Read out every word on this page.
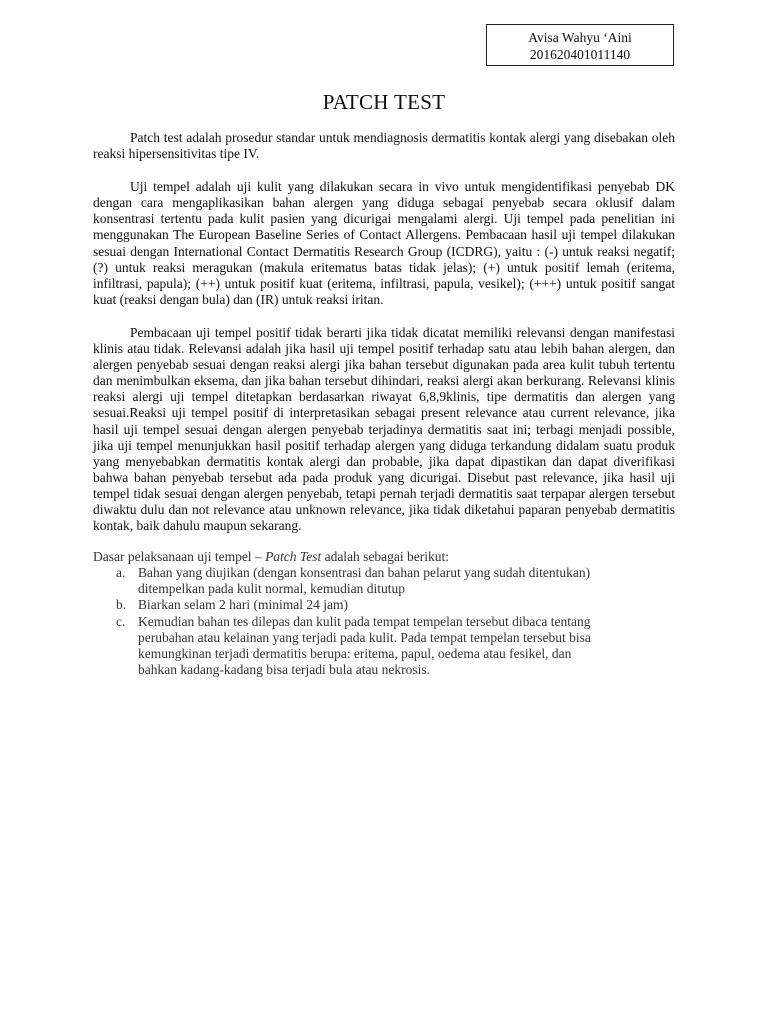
Avisa Wahyu ‘Aini
201620401011140
PATCH TEST

Patch test adalah prosedur standar untuk mendiagnosis dermatitis kontak alergi yang disebakan oleh reaksi hipersensitivitas tipe IV.

Uji tempel adalah uji kulit yang dilakukan secara in vivo untuk mengidentifikasi penyebab DK dengan cara mengaplikasikan bahan alergen yang diduga sebagai penyebab secara oklusif dalam konsentrasi tertentu pada kulit pasien yang dicurigai mengalami alergi. Uji tempel pada penelitian ini menggunakan The European Baseline Series of Contact Allergens. Pembacaan hasil uji tempel dilakukan sesuai dengan International Contact Dermatitis Research Group (ICDRG), yaitu : (-) untuk reaksi negatif; (?) untuk reaksi meragukan (makula eritematus batas tidak jelas); (+) untuk positif lemah (eritema, infiltrasi, papula); (++) untuk positif kuat (eritema, infiltrasi, papula, vesikel); (+++) untuk positif sangat kuat (reaksi dengan bula) dan (IR) untuk reaksi iritan.

Pembacaan uji tempel positif tidak berarti jika tidak dicatat memiliki relevansi dengan manifestasi klinis atau tidak. Relevansi adalah jika hasil uji tempel positif terhadap satu atau lebih bahan alergen, dan alergen penyebab sesuai dengan reaksi alergi jika bahan tersebut digunakan pada area kulit tubuh tertentu dan menimbulkan eksema, dan jika bahan tersebut dihindari, reaksi alergi akan berkurang. Relevansi klinis reaksi alergi uji tempel ditetapkan berdasarkan riwayat 6,8,9klinis, tipe dermatitis dan alergen yang sesuai.Reaksi uji tempel positif di interpretasikan sebagai present relevance atau current relevance, jika hasil uji tempel sesuai dengan alergen penyebab terjadinya dermatitis saat ini; terbagi menjadi possible, jika uji tempel menunjukkan hasil positif terhadap alergen yang diduga terkandung didalam suatu produk yang menyebabkan dermatitis kontak alergi dan probable, jika dapat dipastikan dan dapat diverifikasi bahwa bahan penyebab tersebut ada pada produk yang dicurigai. Disebut past relevance, jika hasil uji tempel tidak sesuai dengan alergen penyebab, tetapi pernah terjadi dermatitis saat terpapar alergen tersebut diwaktu dulu dan not relevance atau unknown relevance, jika tidak diketahui paparan penyebab dermatitis kontak, baik dahulu maupun sekarang.

Dasar pelaksanaan uji tempel – Patch Test adalah sebagai berikut:

a. Bahan yang diujikan (dengan konsentrasi dan bahan pelarut yang sudah ditentukan)
ditempelkan pada kulit normal, kemudian ditutup
b. Biarkan selam 2 hari (minimal 24 jam)
c. Kemudian bahan tes dilepas dan kulit pada tempat tempelan tersebut dibaca tentang
perubahan atau kelainan yang terjadi pada kulit. Pada tempat tempelan tersebut bisa
kemungkinan terjadi dermatitis berupa: eritema, papul, oedema atau fesikel, dan
bahkan kadang-kadang bisa terjadi bula atau nekrosis.
